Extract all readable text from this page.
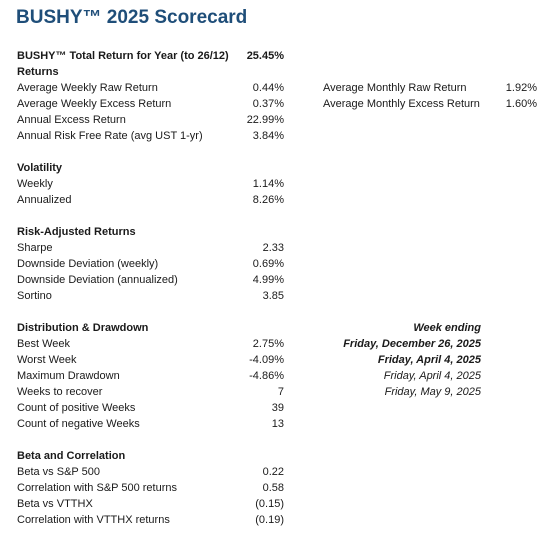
BUSHY™ 2025 Scorecard
BUSHY™ Total Return for Year (to 26/12) 25.45%
Returns
Average Weekly Raw Return	0.44%	Average Monthly Raw Return	1.92%
Average Weekly Excess Return	0.37%	Average Monthly Excess Return 1.60%
Annual Excess Return	22.99%
Annual Risk Free Rate (avg UST 1-yr)	3.84%
Volatility
Weekly	1.14%
Annualized	8.26%
Risk-Adjusted Returns
Sharpe	2.33
Downside Deviation (weekly)	0.69%
Downside Deviation (annualized)	4.99%
Sortino	3.85
Distribution & Drawdown	Week ending
Best Week	2.75%	Friday, December 26, 2025
Worst Week	-4.09%	Friday, April 4, 2025
Maximum Drawdown	-4.86%	Friday, April 4, 2025
Weeks to recover	7	Friday, May 9, 2025
Count of positive Weeks	39
Count of negative Weeks	13
Beta and Correlation
Beta vs S&P 500	0.22
Correlation with S&P 500 returns	0.58
Beta vs VTTHX	(0.15)
Correlation with VTTHX returns	(0.19)
